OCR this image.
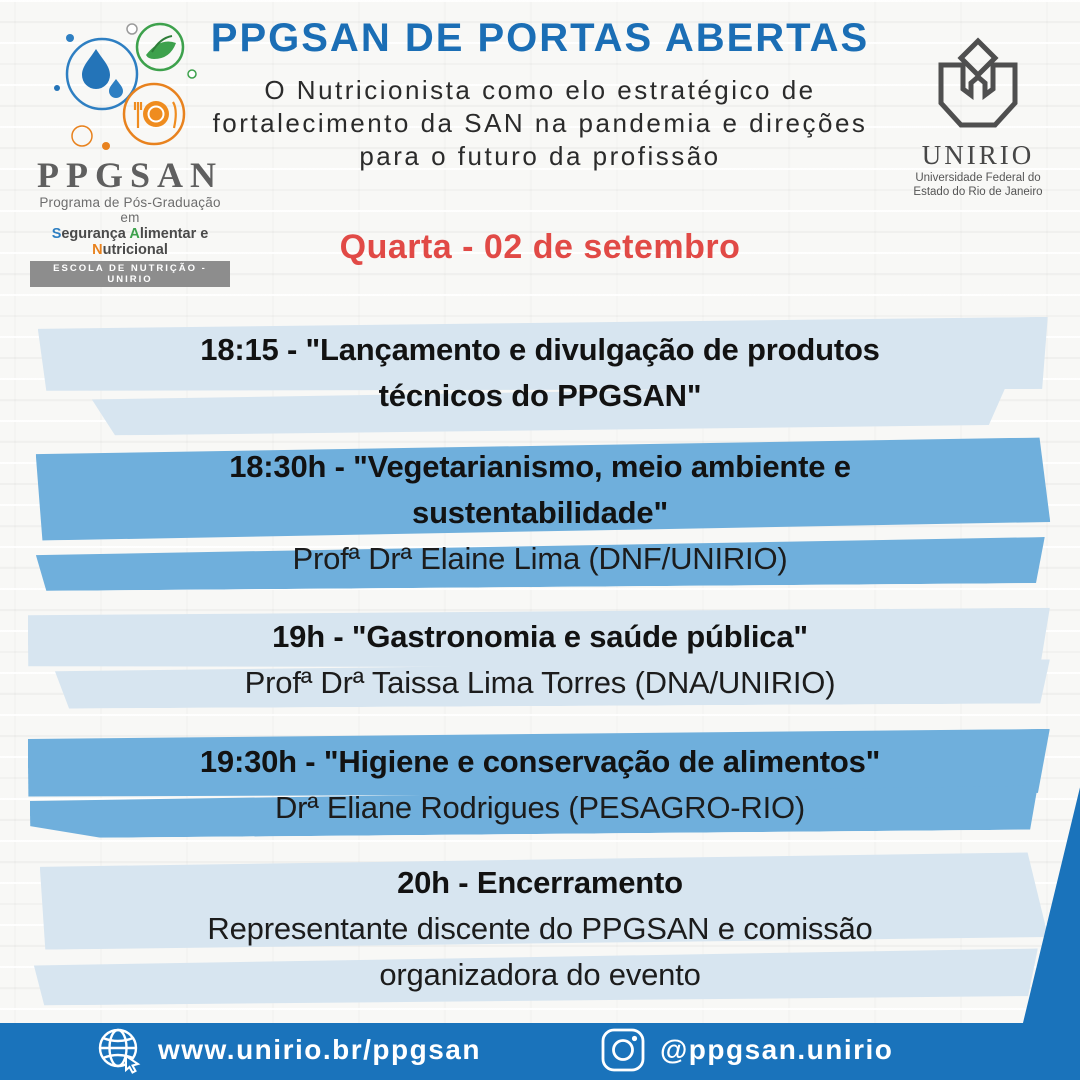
PPGSAN
Programa de Pós-Graduação em
Segurança Alimentar e Nutricional
ESCOLA DE NUTRIÇÃO - UNIRIO
PPGSAN DE PORTAS ABERTAS
O Nutricionista como elo estratégico de
fortalecimento da SAN na pandemia e direções
para o futuro da profissão	UNIRIO
Universidade Federal do
Estado do Rio de Janeiro
Quarta - 02 de setembro
18:15 - "Lançamento e divulgação de produtos
técnicos do PPGSAN"
18:30h - "Vegetarianismo, meio ambiente e
sustentabilidade"
Profª Drª Elaine Lima (DNF/UNIRIO)
19h - "Gastronomia e saúde pública"
Profª Drª Taissa Lima Torres (DNA/UNIRIO)
19:30h - "Higiene e conservação de alimentos"
Drª Eliane Rodrigues (PESAGRO-RIO)
20h - Encerramento
Representante discente do PPGSAN e comissão
organizadora do evento
www.unirio.br/ppgsan	@ppgsan.unirio
